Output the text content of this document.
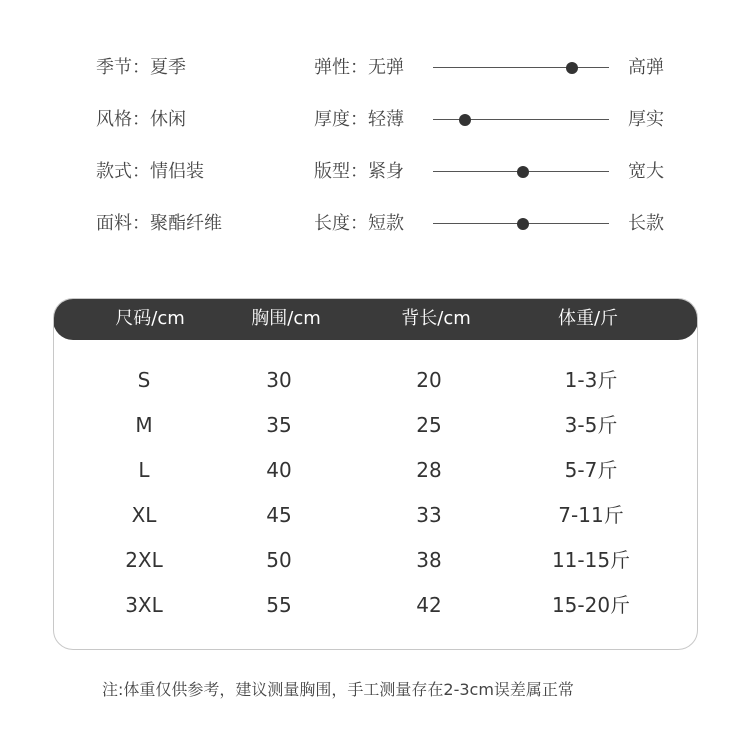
季节：夏季	弹性：无弹	高弹
风格：休闲	厚度：轻薄	厚实
款式：情侣装	版型：紧身	宽大
面料：聚酯纤维	长度：短款	长款
尺码/cm	胸围/cm	背长/cm	体重/斤
S	30	20	1-3斤
M	35	25	3-5斤
L	40	28	5-7斤
XL	45	33	7-11斤
2XL	50	38	11-15斤
3XL	55	42	15-20斤
注:体重仅供参考，建议测量胸围，手工测量存在2-3cm误差属正常
